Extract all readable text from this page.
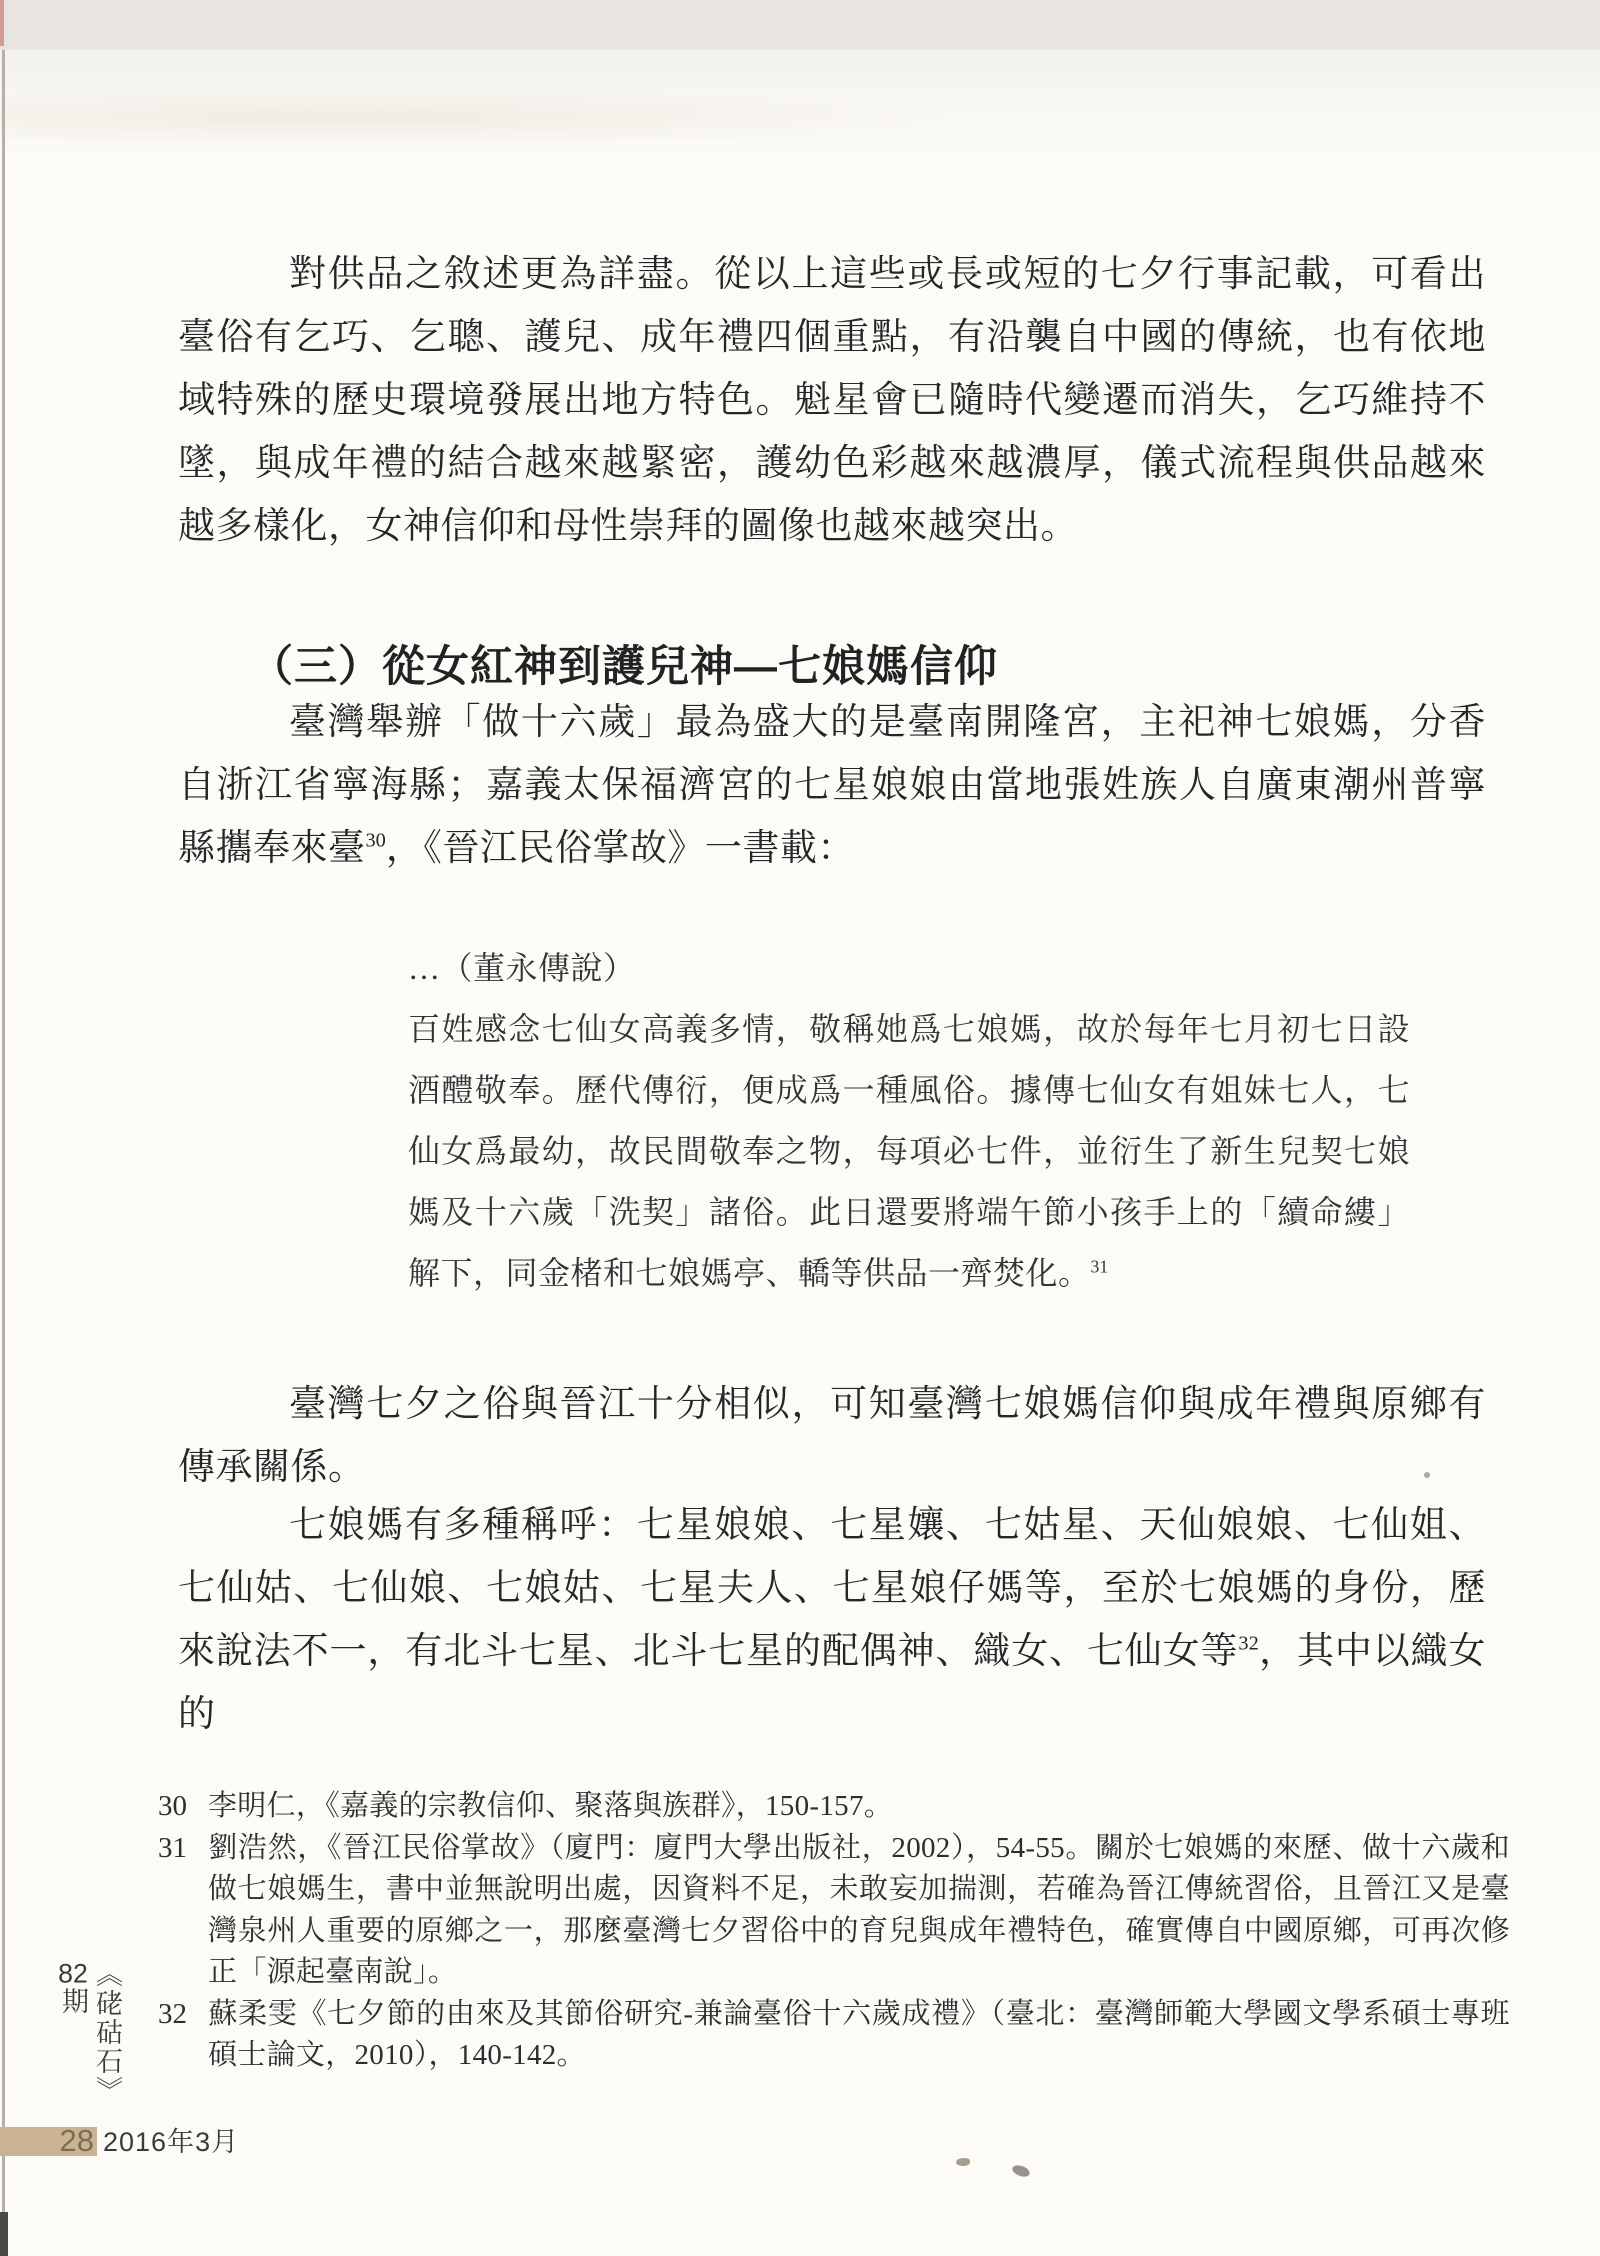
對供品之敘述更為詳盡。從以上這些或長或短的七夕行事記載，可看出臺俗有乞巧、乞聰、護兒、成年禮四個重點，有沿襲自中國的傳統，也有依地域特殊的歷史環境發展出地方特色。魁星會已隨時代變遷而消失，乞巧維持不墜，與成年禮的結合越來越緊密，護幼色彩越來越濃厚，儀式流程與供品越來越多樣化，女神信仰和母性崇拜的圖像也越來越突出。

（三）從女紅神到護兒神—七娘媽信仰

臺灣舉辦「做十六歲」最為盛大的是臺南開隆宮，主祀神七娘媽，分香自浙江省寧海縣；嘉義太保福濟宮的七星娘娘由當地張姓族人自廣東潮州普寧縣攜奉來臺$^{30}$，《晉江民俗掌故》一書載：

…（董永傳說）

百姓感念七仙女高義多情，敬稱她爲七娘媽，故於每年七月初七日設酒醴敬奉。歷代傳衍，便成爲一種風俗。據傳七仙女有姐妹七人，七仙女爲最幼，故民間敬奉之物，每項必七件，並衍生了新生兒契七娘媽及十六歲「洗契」諸俗。此日還要將端午節小孩手上的「續命縷」解下，同金楮和七娘媽亭、轎等供品一齊焚化。$^{31}$

臺灣七夕之俗與晉江十分相似，可知臺灣七娘媽信仰與成年禮與原鄉有傳承關係。

七娘媽有多種稱呼：七星娘娘、七星孃、七姑星、天仙娘娘、七仙姐、七仙姑、七仙娘、七娘姑、七星夫人、七星娘仔媽等，至於七娘媽的身份，歷來說法不一，有北斗七星、北斗七星的配偶神、織女、七仙女等$^{32}$，其中以織女的

30 李明仁，《嘉義的宗教信仰、聚落與族群》，150-157。

31 劉浩然，《晉江民俗掌故》（廈門：廈門大學出版社，2002），54-55。關於七娘媽的來歷、做十六歲和做七娘媽生，書中並無說明出處，因資料不足，未敢妄加揣測，若確為晉江傳統習俗，且晉江又是臺灣泉州人重要的原鄉之一，那麼臺灣七夕習俗中的育兒與成年禮特色，確實傳自中國原鄉，可再次修正「源起臺南說」。

32 蘇柔雯《七夕節的由來及其節俗研究-兼論臺俗十六歲成禮》（臺北：臺灣師範大學國文學系碩士專班碩士論文，2010），140-142。

《硓𥑮石》82期
28 2016年3月
